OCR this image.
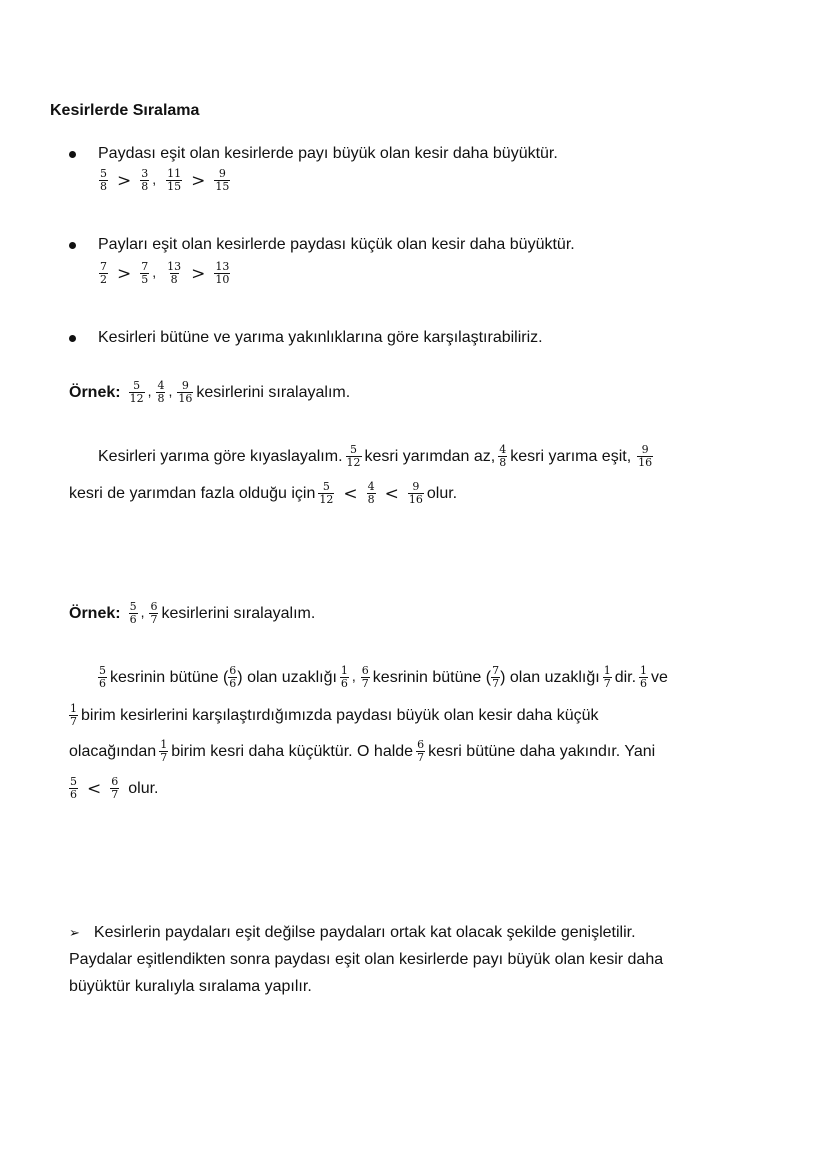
Kesirlerde Sıralama
Paydası eşit olan kesirlerde payı büyük olan kesir daha büyüktür.
$\frac{5}{8} > \frac{3}{8}$ , $\frac{11}{15} > \frac{9}{15}$
Payları eşit olan kesirlerde paydası küçük olan kesir daha büyüktür.
$\frac{7}{2} > \frac{7}{5}$ , $\frac{13}{8} > \frac{13}{10}$
Kesirleri bütüne ve yarıma yakınlıklarına göre karşılaştırabiliriz.
Örnek: $\frac{5}{12}$ , $\frac{4}{8}$ , $\frac{9}{16}$ kesirlerini sıralayalım.
Kesirleri yarıma göre kıyaslayalım. $\frac{5}{12}$ kesri yarımdan az, $\frac{4}{8}$ kesri yarıma eşit, $\frac{9}{16}$
kesri de yarımdan fazla olduğu için $\frac{5}{12} < \frac{4}{8} < \frac{9}{16}$ olur.
Örnek: $\frac{5}{6}$ , $\frac{6}{7}$ kesirlerini sıralayalım.
$\frac{5}{6}$ kesrinin bütüne ( $\frac{6}{6}$ ) olan uzaklığı $\frac{1}{6}$ , $\frac{6}{7}$ kesrinin bütüne ( $\frac{7}{7}$ ) olan uzaklığı $\frac{1}{7}$ dir. $\frac{1}{6}$ ve
$\frac{1}{7}$ birim kesirlerini karşılaştırdığımızda paydası büyük olan kesir daha küçük
olacağından $\frac{1}{7}$ birim kesri daha küçüktür. O halde $\frac{6}{7}$ kesri bütüne daha yakındır. Yani
$\frac{5}{6} < \frac{6}{7}$ olur.
➢ Kesirlerin paydaları eşit değilse paydaları ortak kat olacak şekilde genişletilir.
Paydalar eşitlendikten sonra paydası eşit olan kesirlerde payı büyük olan kesir daha
büyüktür kuralıyla sıralama yapılır.
